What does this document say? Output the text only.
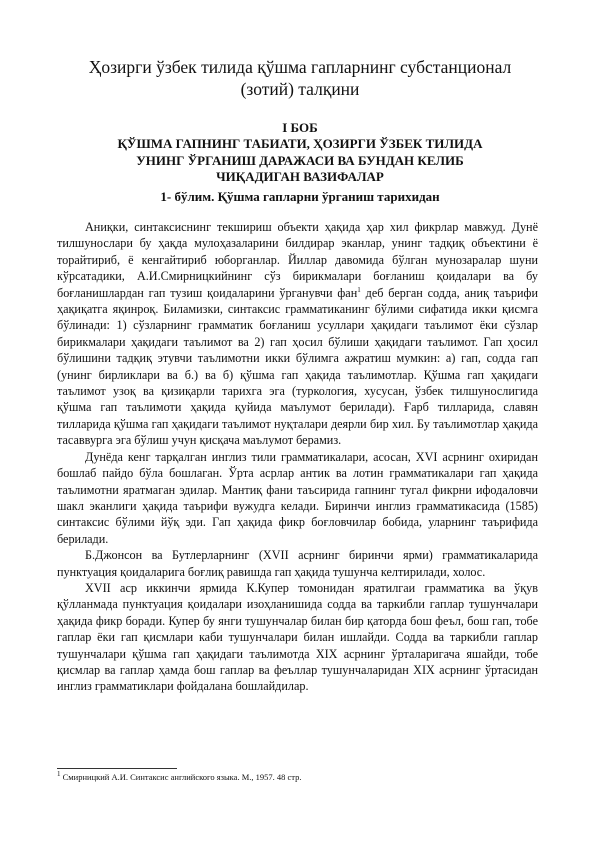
Ҳозирги ўзбек тилида қўшма гапларнинг субстанционал
(зотий) талқини
I БОБ
ҚЎШМА ГАПНИНГ ТАБИАТИ, ҲОЗИРГИ ЎЗБЕК ТИЛИДА
УНИНГ ЎРГАНИШ ДАРАЖАСИ ВА БУНДАН КЕЛИБ
ЧИҚАДИГАН ВАЗИФАЛАР
1- бўлим. Қўшма гапларни ўрганиш тарихидан

Аниқки, синтаксиснинг текшириш объекти ҳақида ҳар хил фикрлар мавжуд. Дунё тилшунослари бу ҳақда мулоҳазаларини билдирар эканлар, унинг тадқиқ объектини ё торайтириб, ё кенгайтириб юборганлар. Йиллар давомида бўлган мунозаралар шуни кўрсатадики, А.И.Смирницкийнинг сўз бирикмалари боғланиш қоидалари ва бу боғланишлардан гап тузиш қоидаларини ўрганувчи фан$^1$ деб берган содда, аниқ таърифи ҳақиқатга яқинроқ. Биламизки, синтаксис грамматиканинг бўлими сифатида икки қисмга бўлинади: 1) сўзларнинг грамматик боғланиш усуллари ҳақидаги таълимот ёки сўзлар бирикмалари ҳақидаги таълимот ва 2) гап ҳосил бўлиши ҳақидаги таълимот. Гап ҳосил бўлишини тадқиқ этувчи таълимотни икки бўлимга ажратиш мумкин: а) гап, содда гап (унинг бирликлари ва б.) ва б) қўшма гап ҳақида таълимотлар. Қўшма гап ҳақидаги таълимот узоқ ва қизиқарли тарихга эга (туркология, хусусан, ўзбек тилшунослигида қўшма гап таълимоти ҳақида қуйида маълумот берилади). Ғарб тилларида, славян тилларида қўшма гап ҳақидаги таълимот нуқталари деярли бир хил. Бу таълимотлар ҳақида тасаввурга эга бўлиш учун қисқача маълумот берамиз.

Дунёда кенг тарқалган инглиз тили грамматикалари, асосан, XVI асрнинг охиридан бошлаб пайдо бўла бошлаган. Ўрта асрлар антик ва лотин грамматикалари гап ҳақида таълимотни яратмаган эдилар. Мантиқ фани таъсирида гапнинг тугал фикрни ифодаловчи шакл эканлиги ҳақида таърифи вужудга келади. Биринчи инглиз грамматикасида (1585) синтаксис бўлими йўқ эди. Гап ҳақида фикр боғловчилар бобида, уларнинг таърифида берилади.

Б.Джонсон ва Бутлерларнинг (XVII асрнинг биринчи ярми) грамматикаларида пунктуация қоидаларига боғлиқ равишда гап ҳақида тушунча келтирилади, холос.

XVII аср иккинчи ярмида К.Купер томонидан яратилгаи грамматика ва ўқув қўлланмада пунктуация қоидалари изоҳланишида содда ва таркибли гаплар тушунчалари ҳақида фикр боради. Купер бу янги тушунчалар билан бир қаторда бош феъл, бош гап, тобе гаплар ёки гап қисмлари каби тушунчалари билан ишлайди. Содда ва таркибли гаплар тушунчалари қўшма гап ҳақидаги таълимотда XIX асрнинг ўрталаригача яшайди, тобе қисмлар ва гаплар ҳамда бош гаплар ва феъллар тушунчаларидан XIX асрнинг ўртасидан инглиз грамматиклари фойдалана бошлайдилар.

$^1$ Смирницкий А.И. Синтаксис английского языка. М., 1957. 48 стр.
